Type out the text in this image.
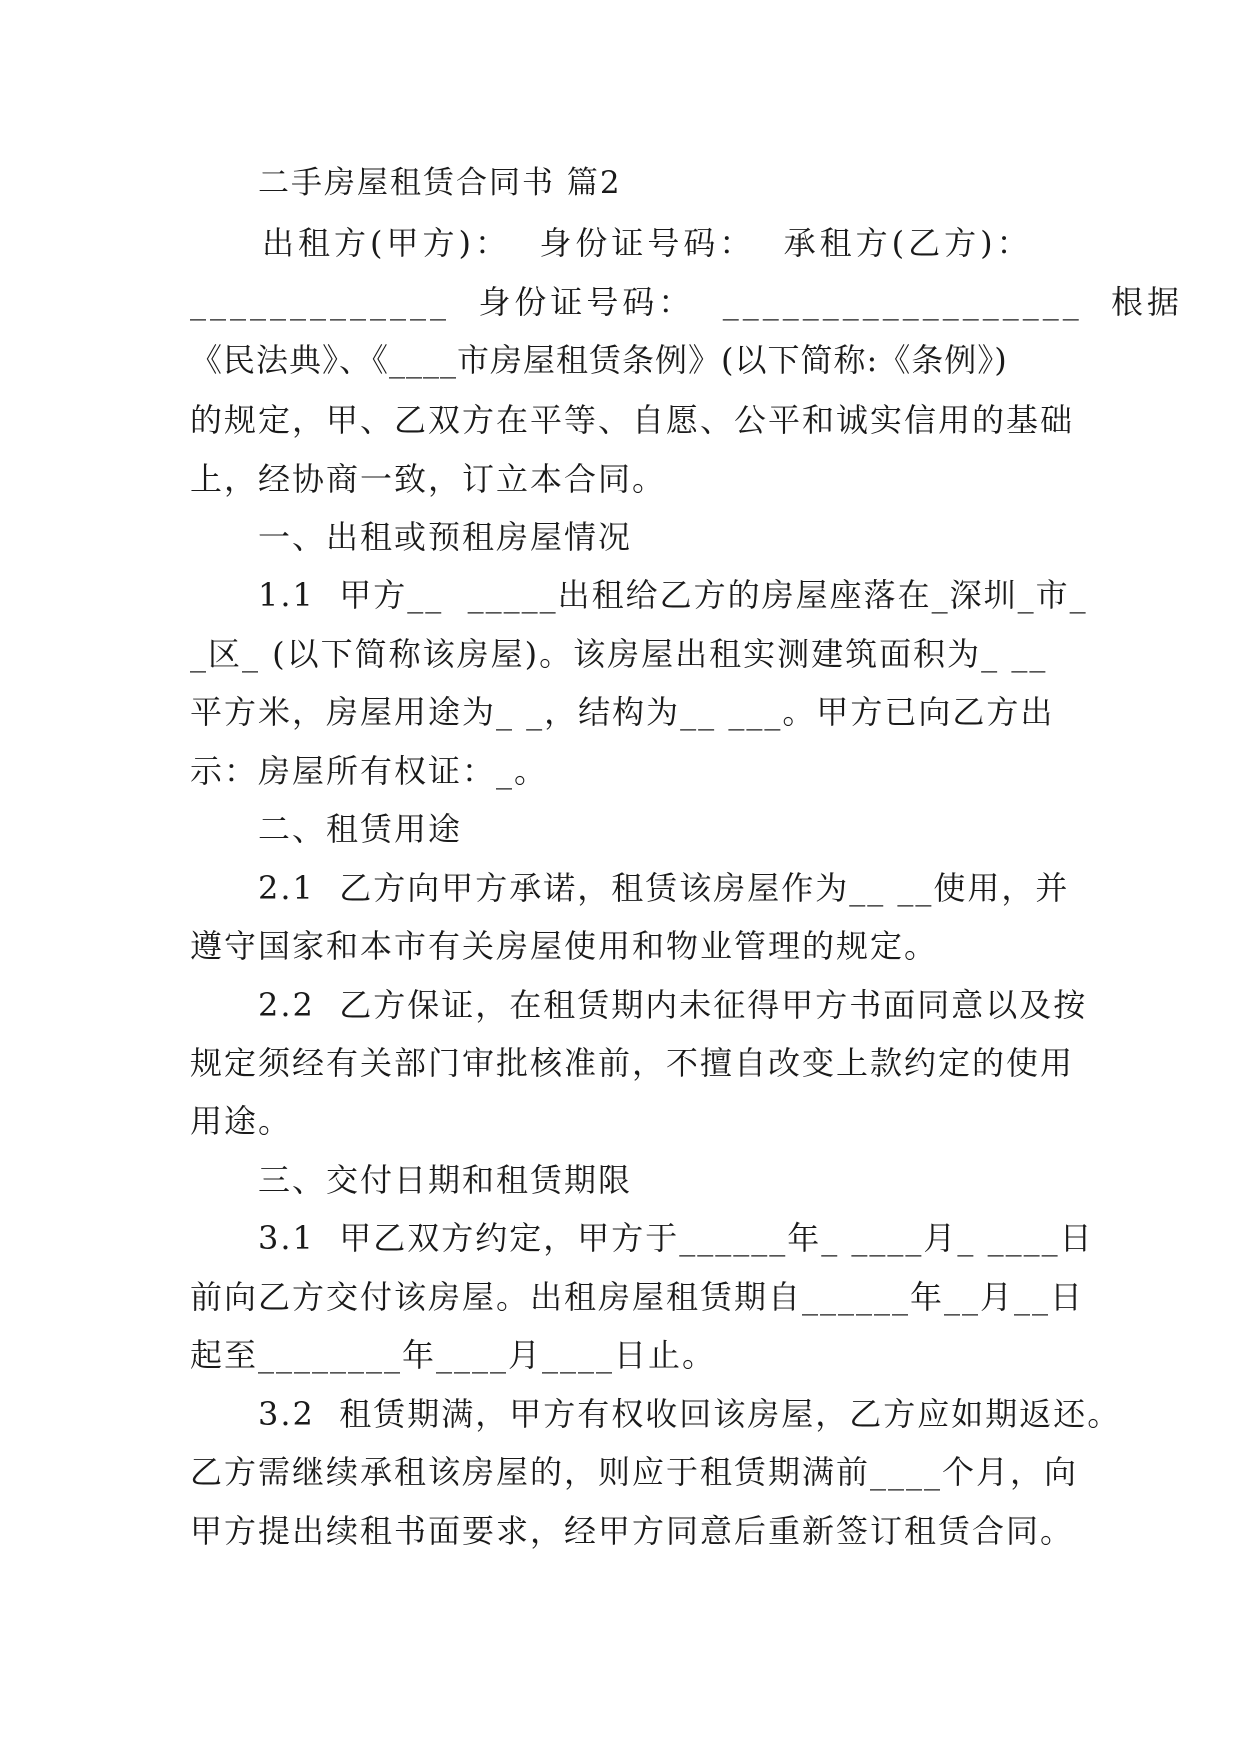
二手房屋租赁合同书 篇2
出租方(甲方)：  身份证号码：  承租方(乙方)：
_____________  身份证号码：  __________________  根据
《民法典》、《____市房屋租赁条例》(以下简称:《条例》)
的规定，甲、乙双方在平等、自愿、公平和诚实信用的基础
上，经协商一致，订立本合同。
一、出租或预租房屋情况
1.1  甲方__  _____出租给乙方的房屋座落在_深圳_市_
_区_ (以下简称该房屋)。该房屋出租实测建筑面积为_ __
平方米，房屋用途为_ _，结构为__ ___。甲方已向乙方出
示：房屋所有权证：_。
二、租赁用途
2.1  乙方向甲方承诺，租赁该房屋作为__ __使用，并
遵守国家和本市有关房屋使用和物业管理的规定。
2.2  乙方保证，在租赁期内未征得甲方书面同意以及按
规定须经有关部门审批核准前，不擅自改变上款约定的使用
用途。
三、交付日期和租赁期限
3.1  甲乙双方约定，甲方于______年_ ____月_ ____日
前向乙方交付该房屋。出租房屋租赁期自______年__月__日
起至________年____月____日止。
3.2  租赁期满，甲方有权收回该房屋，乙方应如期返还。
乙方需继续承租该房屋的，则应于租赁期满前____个月，向
甲方提出续租书面要求，经甲方同意后重新签订租赁合同。
